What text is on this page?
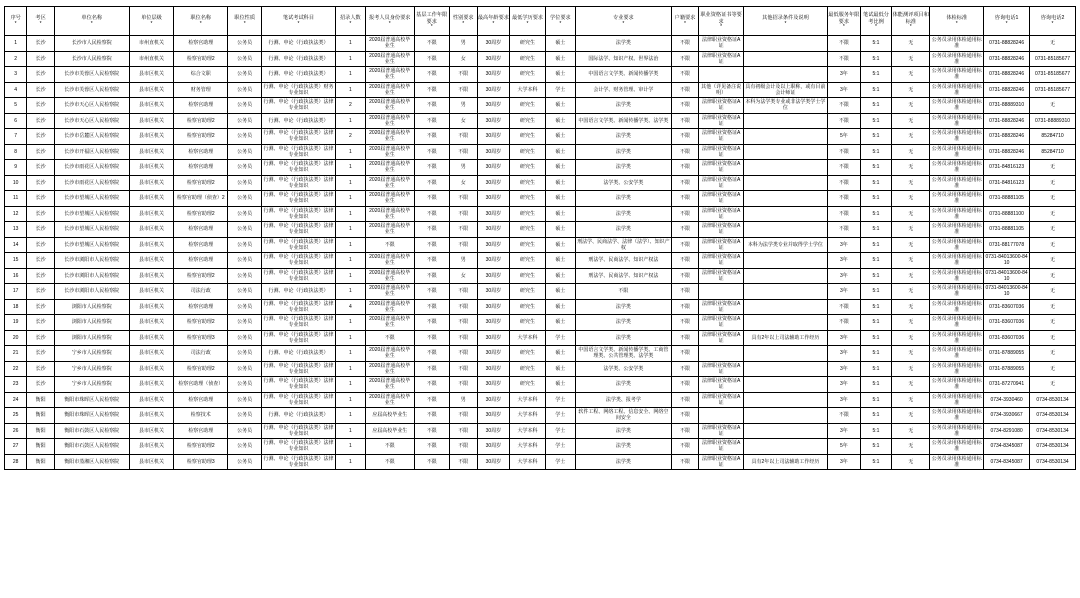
序号 *	考区 *	单位名称 *	单位层级 *	职位名称 *	职位性质 *	笔试考试科目 *	招录人数 *	报考人员身份要求 *	基层工作年限要求 *	性别要求 *	最高年龄要求 *	最低学历要求 *	学位要求 *	专业要求 *	户籍要求 *	职业资格证书等要求 *	其他招录条件及说明 *	最低服务年限要求 *	笔试最低分考比例 *	体能测评项目和标准 *	体检标准 *	咨询电话1 *	咨询电话2 *
1	长沙	长沙市人民检察院	市州直机关	检察官助理	公务员	行测、申论（行政执法类）	1	2020届普通高校毕业生	不限	男	30周岁	研究生	硕士	法学类	不限	法律职业资格证A证		不限	5:1	无	公务员录用体检通用标准	0731-88828246	无
2	长沙	长沙市人民检察院	市州直机关	检察官助理2	公务员	行测、申论（行政执法类）	1	2020届普通高校毕业生	不限	女	30周岁	研究生	硕士	国际法学、知识产权、世界法治	不限	法律职业资格证A证		不限	5:1	无	公务员录用体检通用标准	0731-88828246	0731-85185677
3	长沙	长沙市芙蓉区人民检察院	县市区机关	综合文职	公务员	行测、申论（行政执法类）	1	2020届普通高校毕业生	不限	不限	30周岁	研究生	硕士	中国语言文学类、新闻传播学类	不限			3年	5:1	无	公务员录用体检通用标准	0731-88828246	0731-85185677
4	长沙	长沙市芙蓉区人民检察院	县市区机关	财务管理	公务员	行测、申论（行政执法类）财务专业知识	1	2020届普通高校毕业生	不限	不限	30周岁	大学本科	学士	会计学、财务管理、审计学	不限	其他（详见备注说明）	具有初级会计及以上职称，或有目前会计师证	3年	5:1	无	公务员录用体检通用标准	0731-88828246	0731-85185677
5	长沙	长沙市天心区人民检察院	县市区机关	检察官助理	公务员	行测、申论（行政执法类）法律专业知识	2	2020届普通高校毕业生	不限	男	30周岁	研究生	硕士	法学类	不限	法律职业资格证A证	本科为法学类专业或非法学类学士学位	不限	5:1	无	公务员录用体检通用标准	0731-88889310	无
6	长沙	长沙市天心区人民检察院	县市区机关	检察官助理2	公务员	行测、申论（行政执法类）	1	2020届普通高校毕业生	不限	女	30周岁	研究生	硕士	中国语言文学类、新闻传播学类、法学类	不限	法律职业资格证A证		不限	5:1	无	公务员录用体检通用标准	0731-88828246	0731-88889310
7	长沙	长沙市岳麓区人民检察院	县市区机关	检察官助理2	公务员	行测、申论（行政执法类）法律专业知识	2	2020届普通高校毕业生	不限	不限	30周岁	研究生	硕士	法学类	不限	法律职业资格证A证		5年	5:1	无	公务员录用体检通用标准	0731-88828246	85284710
8	长沙	长沙市开福区人民检察院	县市区机关	检察官助理	公务员	行测、申论（行政执法类）法律专业知识	1	2020届普通高校毕业生	不限	不限	30周岁	研究生	硕士	法学类	不限	法律职业资格证A证		不限	5:1	无	公务员录用体检通用标准	0731-88828246	85284710
9	长沙	长沙市雨花区人民检察院	县市区机关	检察官助理	公务员	行测、申论（行政执法类）法律专业知识	1	2020届普通高校毕业生	不限	男	30周岁	研究生	硕士	法学类	不限	法律职业资格证A证		不限	5:1	无	公务员录用体检通用标准	0731-84816123	无
10	长沙	长沙市雨花区人民检察院	县市区机关	检察官助理2	公务员	行测、申论（行政执法类）法律专业知识	1	2020届普通高校毕业生	不限	女	30周岁	研究生	硕士	法学类、公安学类	不限	法律职业资格证A证		不限	5:1	无	公务员录用体检通用标准	0731-84816123	无
11	长沙	长沙市望城区人民检察院	县市区机关	检察官助理（侦查）2	公务员	行测、申论（行政执法类）法律专业知识	1	2020届普通高校毕业生	不限	不限	30周岁	研究生	硕士	法学类	不限	法律职业资格证A证		不限	5:1	无	公务员录用体检通用标准	0731-88881105	无
12	长沙	长沙市望城区人民检察院	县市区机关	检察官助理2	公务员	行测、申论（行政执法类）法律专业知识	1	2020届普通高校毕业生	不限	不限	30周岁	研究生	硕士	法学类	不限	法律职业资格证A证		不限	5:1	无	公务员录用体检通用标准	0731-88881100	无
13	长沙	长沙市望城区人民检察院	县市区机关	检察官助理	公务员	行测、申论（行政执法类）法律专业知识	1	2020届普通高校毕业生	不限	不限	30周岁	研究生	硕士	法学类	不限	法律职业资格证A证		不限	5:1	无	公务员录用体检通用标准	0731-88881105	无
14	长沙	长沙市望城区人民检察院	县市区机关	检察官助理	公务员	行测、申论（行政执法类）法律专业知识	1	不限	不限	不限	30周岁	研究生	硕士	刑法学、民商法学、法律（法学）、知识产权	不限	法律职业资格证A证	本科为法学类专业并取得学士学位	3年	5:1	无	公务员录用体检通用标准	0731-88177078	无
15	长沙	长沙市浏阳市人民检察院	县市区机关	检察官助理	公务员	行测、申论（行政执法类）法律专业知识	1	2020届普通高校毕业生	不限	男	30周岁	研究生	硕士	刑法学、民商法学、知识产权法	不限	法律职业资格证A证		3年	5:1	无	公务员录用体检通用标准	0731-84013600-8410	无
16	长沙	长沙市浏阳市人民检察院	县市区机关	检察官助理2	公务员	行测、申论（行政执法类）法律专业知识	1	2020届普通高校毕业生	不限	女	30周岁	研究生	硕士	刑法学、民商法学、知识产权法	不限	法律职业资格证A证		3年	5:1	无	公务员录用体检通用标准	0731-84013600-8410	无
17	长沙	长沙市浏阳市人民检察院	县市区机关	司法行政	公务员	行测、申论（行政执法类）	1	2020届普通高校毕业生	不限	不限	30周岁	研究生	硕士	不限	不限			3年	5:1	无	公务员录用体检通用标准	0731-84013600-8410	无
18	长沙	浏阳市人民检察院	县市区机关	检察官助理	公务员	行测、申论（行政执法类）法律专业知识	4	2020届普通高校毕业生	不限	不限	30周岁	研究生	硕士	法学类	不限	法律职业资格证A证		不限	5:1	无	公务员录用体检通用标准	0731-83607036	无
19	长沙	浏阳市人民检察院	县市区机关	检察官助理2	公务员	行测、申论（行政执法类）法律专业知识	1	2020届普通高校毕业生	不限	不限	30周岁	研究生	硕士	法学类	不限	法律职业资格证A证		不限	5:1	无	公务员录用体检通用标准	0731-83607036	无
20	长沙	浏阳市人民检察院	县市区机关	检察官助理3	公务员	行测、申论（行政执法类）法律专业知识	1	不限	不限	不限	30周岁	大学本科	学士	法学类	不限	法律职业资格证A证	具有2年以上司法辅助工作经历	3年	5:1	无	公务员录用体检通用标准	0731-83607036	无
21	长沙	宁乡市人民检察院	县市区机关	司法行政	公务员	行测、申论（行政执法类）	1	2020届普通高校毕业生	不限	不限	30周岁	研究生	硕士	中国语言文学类、新闻传播学类、工商管理类、公共管理类、法学类	不限			3年	5:1	无	公务员录用体检通用标准	0731-87889055	无
22	长沙	宁乡市人民检察院	县市区机关	检察官助理2	公务员	行测、申论（行政执法类）法律专业知识	1	2020届普通高校毕业生	不限	不限	30周岁	研究生	硕士	法学类、公安学类	不限	法律职业资格证A证		3年	5:1	无	公务员录用体检通用标准	0731-87889055	无
23	长沙	宁乡市人民检察院	县市区机关	检察官助理（侦查）	公务员	行测、申论（行政执法类）法律专业知识	1	2020届普通高校毕业生	不限	不限	30周岁	研究生	硕士	法学类	不限	法律职业资格证A证		3年	5:1	无	公务员录用体检通用标准	0731-87270941	无
24	衡阳	衡阳市珠晖区人民检察院	县市区机关	检察官助理	公务员	行测、申论（行政执法类）法律专业知识	1	2020届普通高校毕业生	不限	男	30周岁	大学本科	学士	法学类、报考学	不限	法律职业资格证A证		3年	5:1	无	公务员录用体检通用标准	0734-3930460	0734-8530134
25	衡阳	衡阳市珠晖区人民检察院	县市区机关	检察技术	公务员	行测、申论（行政执法类）	1	应届高校毕业生	不限	不限	30周岁	大学本科	学士	软件工程、网络工程、信息安全、网络空间安全	不限			不限	5:1	无	公务员录用体检通用标准	0734-3930667	0734-8530134
26	衡阳	衡阳市石鼓区人民检察院	县市区机关	检察官助理	公务员	行测、申论（行政执法类）法律专业知识	1	应届高校毕业生	不限	不限	30周岁	大学本科	学士	法学类	不限	法律职业资格证A证		3年	5:1	无	公务员录用体检通用标准	0734-8291080	0734-8530134
27	衡阳	衡阳市石鼓区人民检察院	县市区机关	检察官助理2	公务员	行测、申论（行政执法类）法律专业知识	1	不限	不限	不限	30周岁	大学本科	学士	法学类	不限	法律职业资格证A证		5年	5:1	无	公务员录用体检通用标准	0734-8345087	0734-8530134
28	衡阳	衡阳市蒸湘区人民检察院	县市区机关	检察官助理3	公务员	行测、申论（行政执法类）法律专业知识	1	不限	不限	不限	30周岁	大学本科	学士	法学类	不限	法律职业资格证A证	具有2年以上司法辅助工作经历	3年	5:1	无	公务员录用体检通用标准	0734-8345087	0734-8530134
